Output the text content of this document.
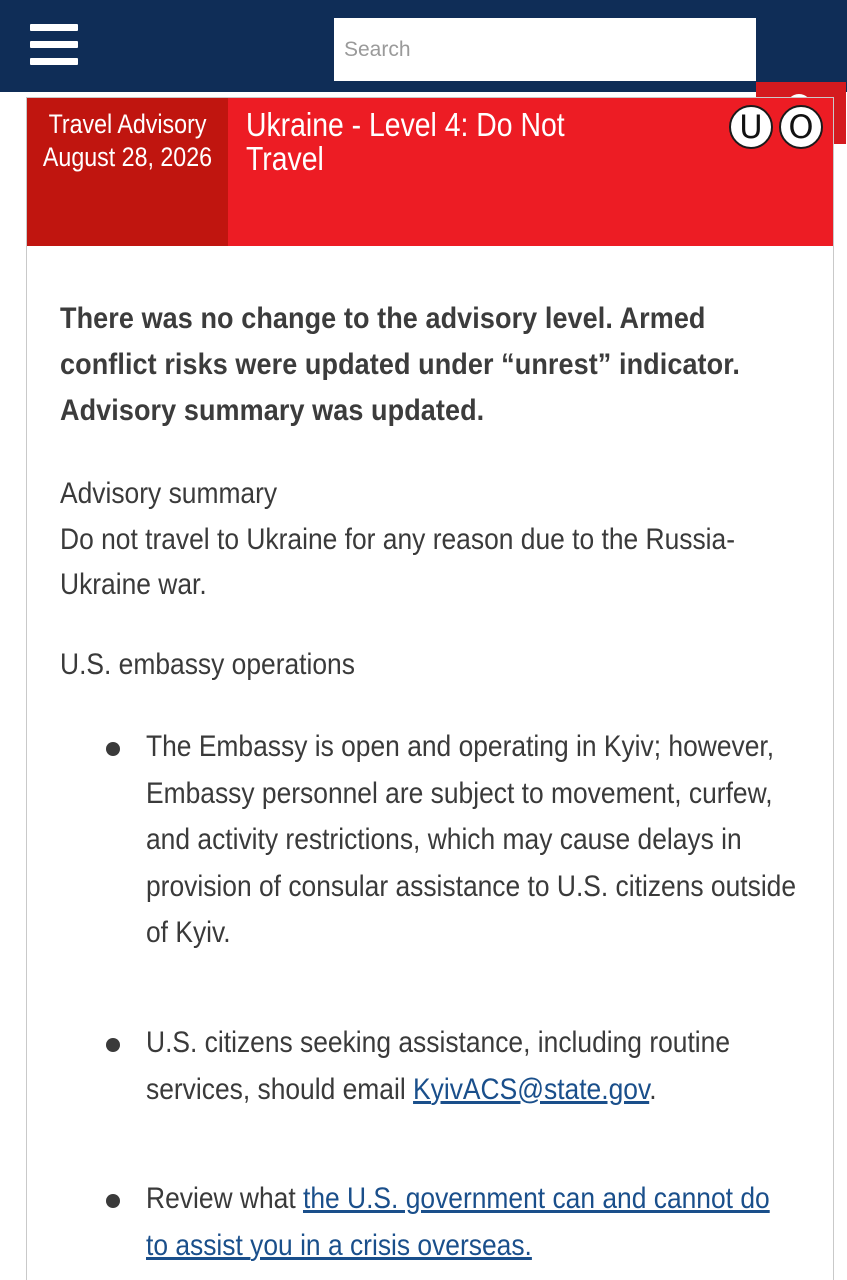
Search
Travel Advisory
August 28, 2026
Ukraine - Level 4: Do Not Travel

There was no change to the advisory level. Armed conflict risks were updated under “unrest” indicator. Advisory summary was updated.

Advisory summary

Do not travel to Ukraine for any reason due to the Russia-Ukraine war.

U.S. embassy operations
The Embassy is open and operating in Kyiv; however, Embassy personnel are subject to movement, curfew, and activity restrictions, which may cause delays in provision of consular assistance to U.S. citizens outside of Kyiv.
U.S. citizens seeking assistance, including routine services, should email KyivACS@state.gov.
Review what the U.S. government can and cannot do to assist you in a crisis overseas.
U O
